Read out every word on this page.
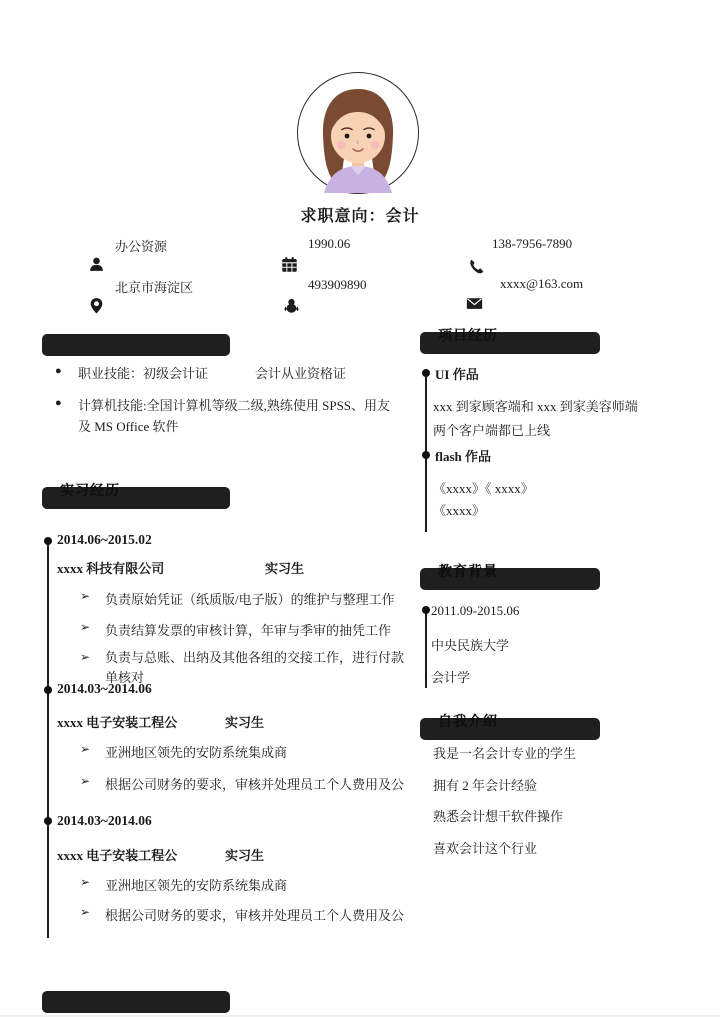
求职意向：会计
办公资源
北京市海淀区
1990.06
493909890
138-7956-7890
xxxx@163.com
● 职业技能：初级会计证	会计从业资格证
● 计算机技能:全国计算机等级二级,熟练使用 SPSS、用友及 MS Office 软件
实习经历
2014.06~2015.02
xxxx 科技有限公司	实习生
➢ 负责原始凭证（纸质版/电子版）的维护与整理工作
➢ 负责结算发票的审核计算，年审与季审的抽凭工作
➢ 负责与总账、出纳及其他各组的交接工作，进行付款单核对
2014.03~2014.06
xxxx 电子安装工程公	实习生
➢ 亚洲地区领先的安防系统集成商
➢ 根据公司财务的要求，审核并处理员工个人费用及公
2014.03~2014.06
xxxx 电子安装工程公	实习生
➢ 亚洲地区领先的安防系统集成商
➢ 根据公司财务的要求，审核并处理员工个人费用及公
项目经历
UI 作品
xxx 到家顾客端和 xxx 到家美容师端
两个客户端都已上线
flash 作品
《xxxx》《 xxxx》
《xxxx》
教育背景
2011.09-2015.06
中央民族大学
会计学
自我介绍
我是一名会计专业的学生
拥有 2 年会计经验
熟悉会计想干软件操作
喜欢会计这个行业
